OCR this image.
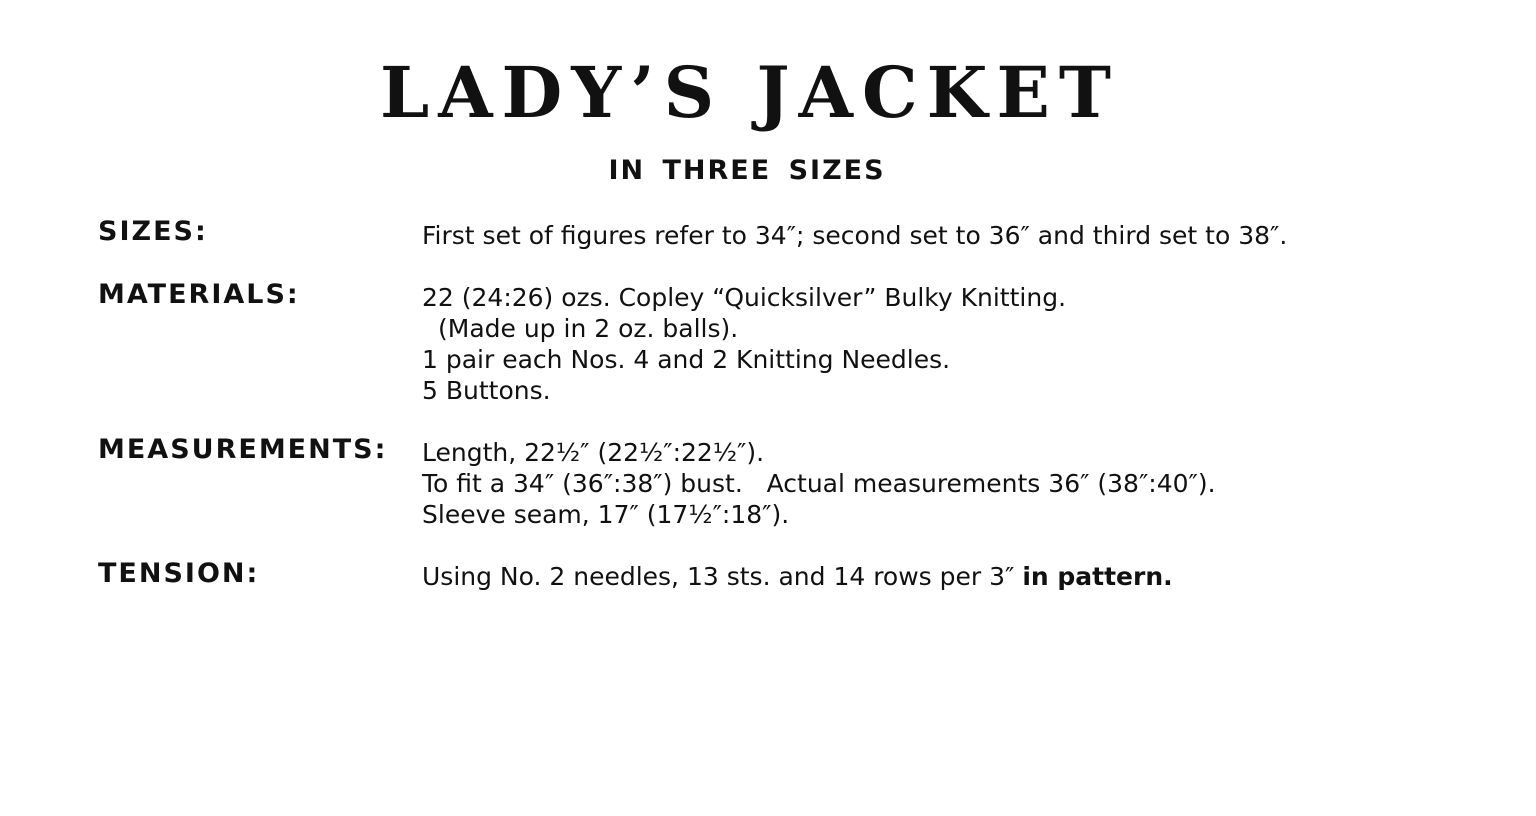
LADY’S JACKET
IN THREE SIZES
SIZES:	First set of figures refer to 34″; second set to 36″ and third set to 38″.
MATERIALS:	22 (24:26) ozs. Copley “Quicksilver” Bulky Knitting.
(Made up in 2 oz. balls).
1 pair each Nos. 4 and 2 Knitting Needles.
5 Buttons.
MEASUREMENTS: Length, 22½″ (22½″:22½″).
To fit a 34″ (36″:38″) bust.   Actual measurements 36″ (38″:40″).
Sleeve seam, 17″ (17½″:18″).
TENSION:	Using No. 2 needles, 13 sts. and 14 rows per 3″ in pattern.
